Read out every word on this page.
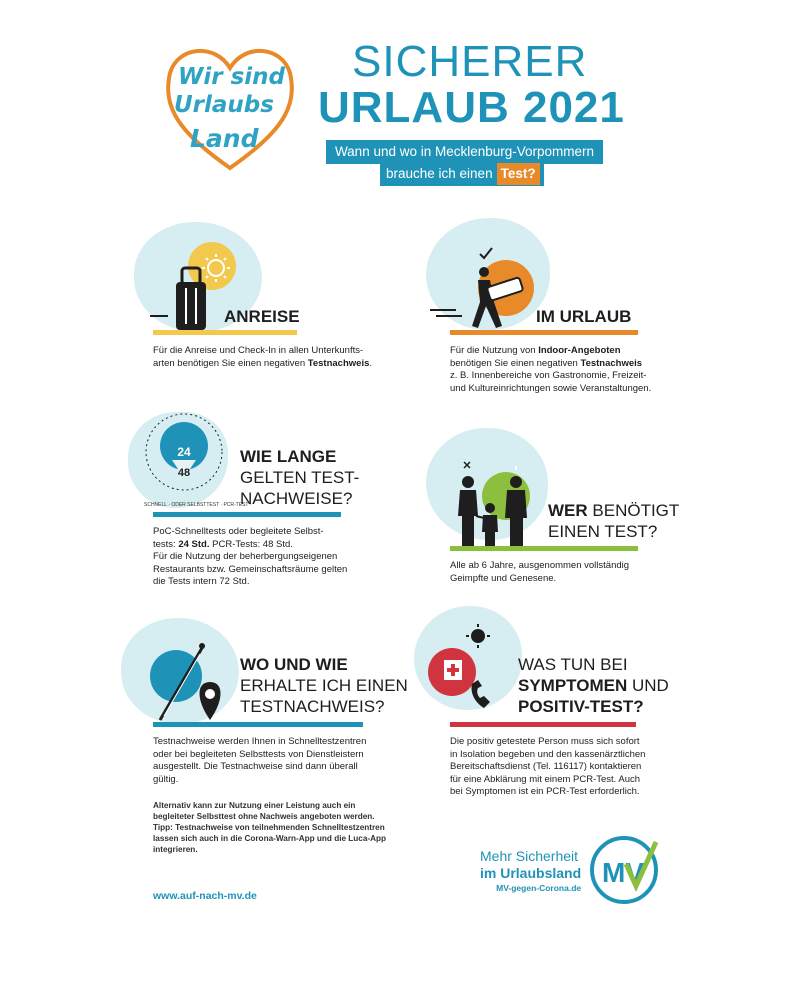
Wir sind
Urlaubs
Land
SICHERER
URLAUB 2021
Wann und wo in Mecklenburg-Vorpommern
brauche ich einen Test?
ANREISE
Für die Anreise und Check-In in allen Unterkunfts-
arten benötigen Sie einen negativen Testnachweis.
IM URLAUB
Für die Nutzung von Indoor-Angeboten
benötigen Sie einen negativen Testnachweis
z. B. Innenbereiche von Gastronomie, Freizeit-
und Kultureinrichtungen sowie Veranstaltungen.
24
48
SCHNELL · ODER SELBSTTEST · PCR-TEST ·
WIE LANGE
GELTEN TEST-
NACHWEISE?
PoC-Schnelltests oder begleitete Selbst-
tests: 24 Std. PCR-Tests: 48 Std.
Für die Nutzung der beherbergungseigenen
Restaurants bzw. Gemeinschaftsräume gelten
die Tests intern 72 Std.
WER BENÖTIGT
EINEN TEST?
Alle ab 6 Jahre, ausgenommen vollständig
Geimpfte und Genesene.
WO UND WIE
ERHALTE ICH EINEN
TESTNACHWEIS?
Testnachweise werden Ihnen in Schnelltestzentren
oder bei begleiteten Selbsttests von Dienstleistern
ausgestellt. Die Testnachweise sind dann überall
gültig.
Alternativ kann zur Nutzung einer Leistung auch ein
begleiteter Selbsttest ohne Nachweis angeboten werden.
Tipp: Testnachweise von teilnehmenden Schnelltestzentren
lassen sich auch in die Corona-Warn-App und die Luca-App
integrieren.
WAS TUN BEI
SYMPTOMEN UND
POSITIV-TEST?
Die positiv getestete Person muss sich sofort
in Isolation begeben und den kassenärztlichen
Bereitschaftsdienst (Tel. 116117) kontaktieren
für eine Abklärung mit einem PCR-Test. Auch
bei Symptomen ist ein PCR-Test erforderlich.
www.auf-nach-mv.de
Mehr Sicherheit
im Urlaubsland
MV-gegen-Corona.de MV
